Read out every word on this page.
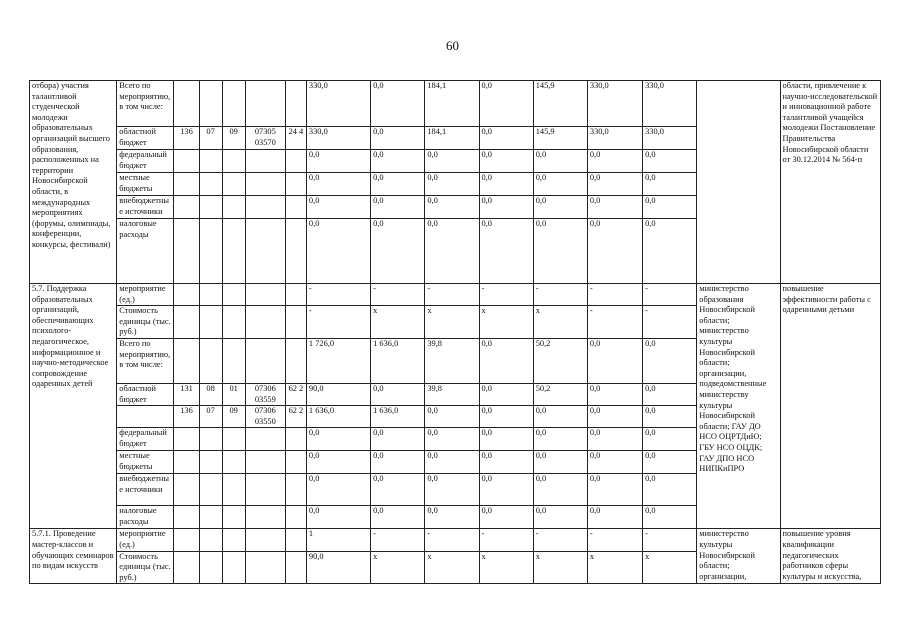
60
отбора) участия талантливой студенческой молодежи образовательных организаций высшего образования, расположенных на территории Новосибирской области, в международных мероприятиях (форумы, олимпиады, конференции, конкурсы, фестивали)	Всего по мероприятию, в том числе:						330,0	0,0	184,1	0,0	145,9	330,0	330,0		области, привлечение к научно-исследовательской и инновационной работе талантливой учащейся молодежи Постановление Правительства Новосибирской области от 30.12.2014 № 564-п
	областной бюджет	136	07	09	07305 03570	24 4	330,0	0,0	184,1	0,0	145,9	330,0	330,0		
	федеральный бюджет						0,0	0,0	0,0	0,0	0,0	0,0	0,0		
	местные бюджеты						0,0	0,0	0,0	0,0	0,0	0,0	0,0		
	внебюджетные источники						0,0	0,0	0,0	0,0	0,0	0,0	0,0		
	налоговые расходы						0,0	0,0	0,0	0,0	0,0	0,0	0,0		
5.7. Поддержка образовательных организаций, обеспечивающих психолого-педагогическое, информационное и научно-методическое сопровождение одаренных детей	мероприятие (ед.)						-	-	-	-	-	-	-	министерство образования Новосибирской области; министерство культуры Новосибирской области; организации, подведомственные министерству культуры Новосибирской области; ГАУ ДО НСО ОЦРТДиЮ; ГБУ НСО ОЦДК; ГАУ ДПО НСО НИПКиПРО	повышение эффективности работы с одаренными детьми
	Стоимость единицы (тыс. руб.)						-	x	x	x	x	-	-		
	Всего по мероприятию, в том числе:						1 726,0	1 636,0	39,8	0,0	50,2	0,0	0,0		
	областной бюджет	131	08	01	07306 03559	62 2	90,0	0,0	39,8	0,0	50,2	0,0	0,0		
		136	07	09	07306 03550	62 2	1 636,0	1 636,0	0,0	0,0	0,0	0,0	0,0		
	федеральный бюджет						0,0	0,0	0,0	0,0	0,0	0,0	0,0		
	местные бюджеты						0,0	0,0	0,0	0,0	0,0	0,0	0,0		
	внебюджетные источники						0,0	0,0	0,0	0,0	0,0	0,0	0,0		
	налоговые расходы						0,0	0,0	0,0	0,0	0,0	0,0	0,0		
5.7.1. Проведение мастер-классов и обучающих семинаров по видам искусств	мероприятие (ед.)						1	-	-	-	-	-	-	министерство культуры Новосибирской области; организации,	повышение уровня квалификации педагогических работников сферы культуры и искусства,
	Стоимость единицы (тыс. руб.)						90,0	x	x	x	x	x	x		
